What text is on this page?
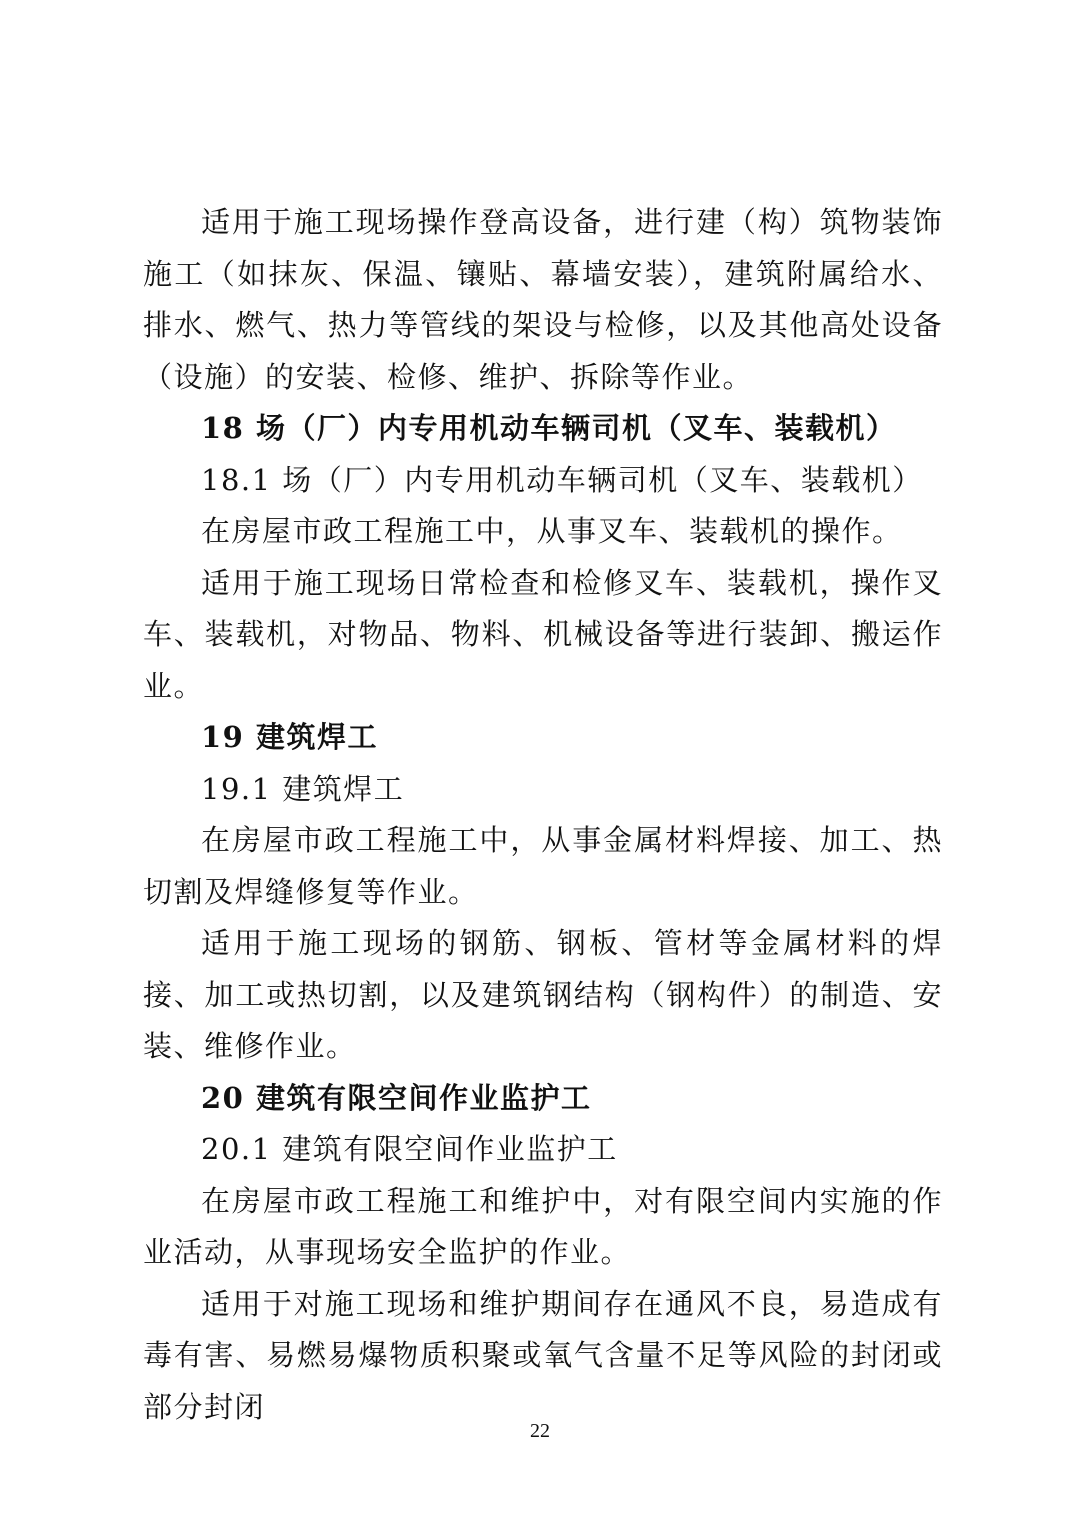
适用于施工现场操作登高设备，进行建（构）筑物装饰施工（如抹灰、保温、镶贴、幕墙安装），建筑附属给水、排水、燃气、热力等管线的架设与检修，以及其他高处设备（设施）的安装、检修、维护、拆除等作业。

18 场（厂）内专用机动车辆司机（叉车、装载机）

18.1 场（厂）内专用机动车辆司机（叉车、装载机）

在房屋市政工程施工中，从事叉车、装载机的操作。

适用于施工现场日常检查和检修叉车、装载机，操作叉车、装载机，对物品、物料、机械设备等进行装卸、搬运作业。

19 建筑焊工

19.1 建筑焊工

在房屋市政工程施工中，从事金属材料焊接、加工、热切割及焊缝修复等作业。

适用于施工现场的钢筋、钢板、管材等金属材料的焊接、加工或热切割，以及建筑钢结构（钢构件）的制造、安装、维修作业。

20 建筑有限空间作业监护工

20.1 建筑有限空间作业监护工

在房屋市政工程施工和维护中，对有限空间内实施的作业活动，从事现场安全监护的作业。

适用于对施工现场和维护期间存在通风不良，易造成有毒有害、易燃易爆物质积聚或氧气含量不足等风险的封闭或部分封闭

22
